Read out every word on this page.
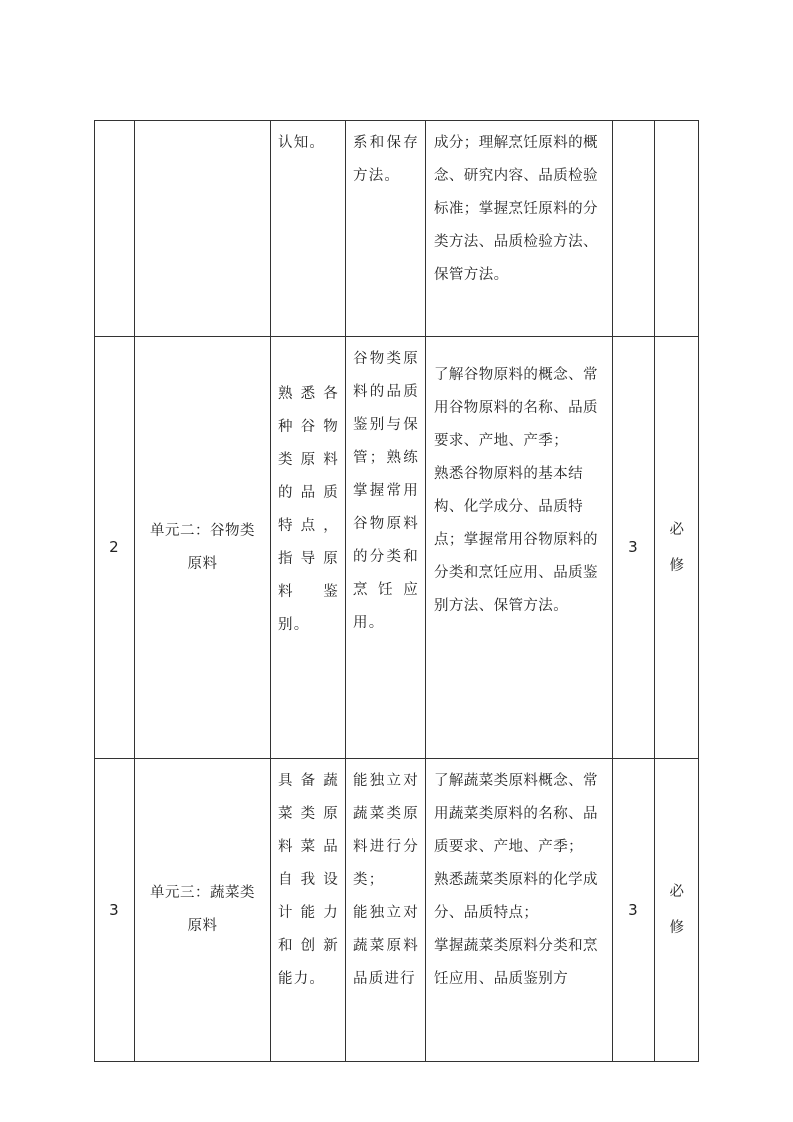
		认知。	系和保存方法。	成分；理解烹饪原料的概念、研究内容、品质检验标准；掌握烹饪原料的分类方法、品质检验方法、保管方法。		

2	单元二：谷物类原料	熟悉各种谷物类原料的品质特点，指导原料鉴别。	谷物类原料的品质鉴别与保管；熟练掌握常用谷物原料的分类和烹饪应用。	了解谷物原料的概念、常用谷物原料的名称、品质要求、产地、产季；
熟悉谷物原料的基本结构、化学成分、品质特点；掌握常用谷物原料的分类和烹饪应用、品质鉴别方法、保管方法。	3	必修

3	单元三：蔬菜类原料	具备蔬菜类原料菜品自我设计能力和创新能力。	能独立对蔬菜类原料进行分类；
能独立对蔬菜原料品质进行	了解蔬菜类原料概念、常用蔬菜类原料的名称、品质要求、产地、产季；
熟悉蔬菜类原料的化学成分、品质特点；
掌握蔬菜类原料分类和烹饪应用、品质鉴别方	3	必修
